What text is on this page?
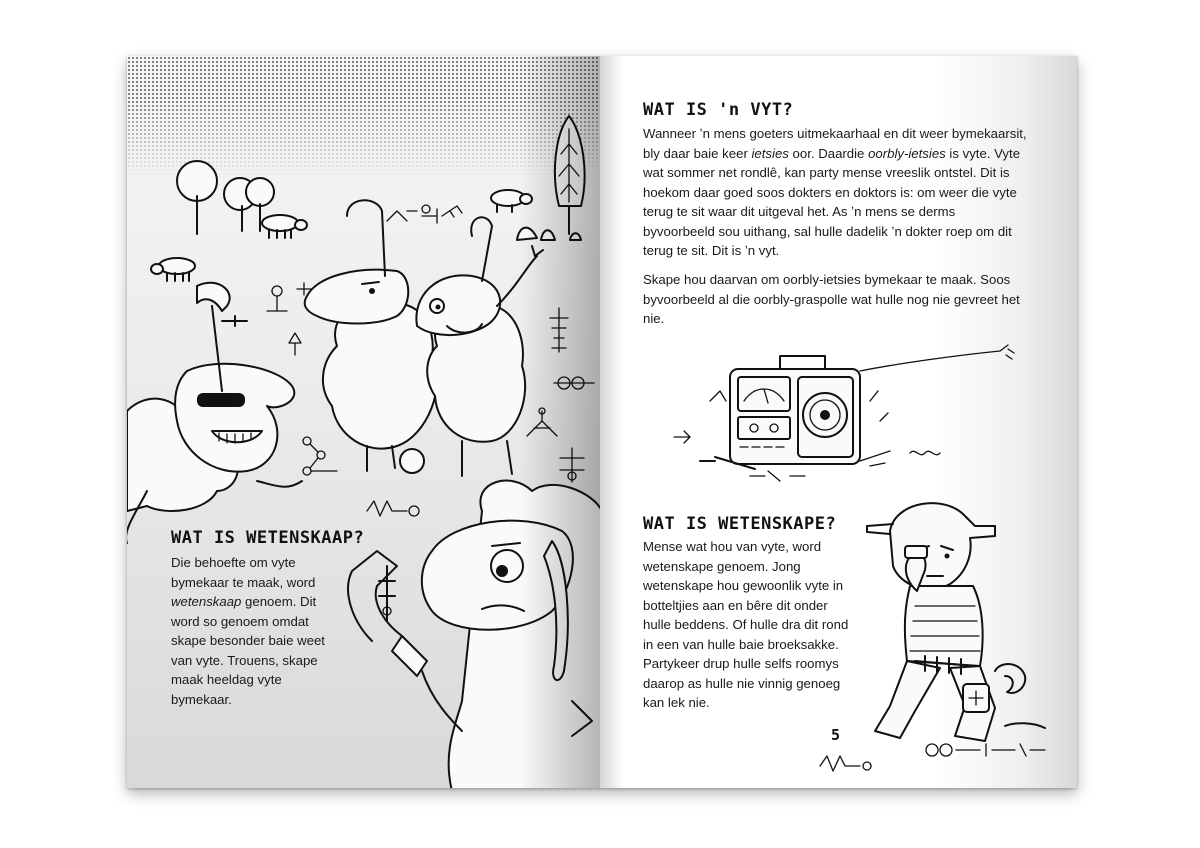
WAT IS WETENSKAAP?

Die behoefte om vyte bymekaar te maak, word wetenskaap genoem. Dit word so genoem omdat skape besonder baie weet van vyte. Trouens, skape maak heeldag vyte bymekaar.

WAT IS 'n VYT?

Wanneer ʼn mens goeters uitmekaarhaal en dit weer bymekaarsit, bly daar baie keer ietsies oor. Daardie oorbly-ietsies is vyte. Vyte wat sommer net rondlê, kan party mense vreeslik ontstel. Dit is hoekom daar goed soos dokters en doktors is: om weer die vyte terug te sit waar dit uitgeval het. As ʼn mens se derms byvoorbeeld sou uithang, sal hulle dadelik ʼn dokter roep om dit terug te sit. Dit is ʼn vyt.

Skape hou daarvan om oorbly-ietsies bymekaar te maak. Soos byvoorbeeld al die oorbly-graspolle wat hulle nog nie gevreet het nie.

WAT IS WETENSKAPE?

Mense wat hou van vyte, word wetenskape genoem. Jong wetenskape hou gewoonlik vyte in botteltjies aan en bêre dit onder hulle beddens. Of hulle dra dit rond in een van hulle baie broeksakke. Partykeer drup hulle selfs roomys daarop as hulle nie vinnig genoeg kan lek nie.

5
